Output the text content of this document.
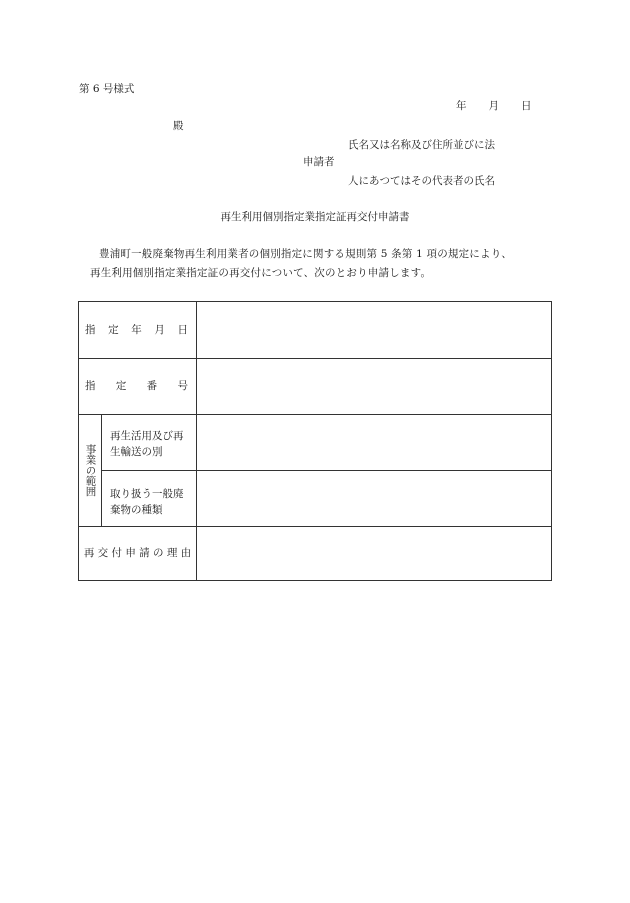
第 6 号様式
年 月 日
殿
氏名又は名称及び住所並びに法
申請者
人にあつてはその代表者の氏名
再生利用個別指定業指定証再交付申請書
豊浦町一般廃棄物再生利用業者の個別指定に関する規則第 5 条第 1 項の規定により、
再生利用個別指定業指定証の再交付について、次のとおり申請します。
指 定 年 月 日
指 定 番 号
事業の範囲
再生活用及び再生輸送の別
取り扱う一般廃棄物の種類
再 交 付 申 請 の 理 由
